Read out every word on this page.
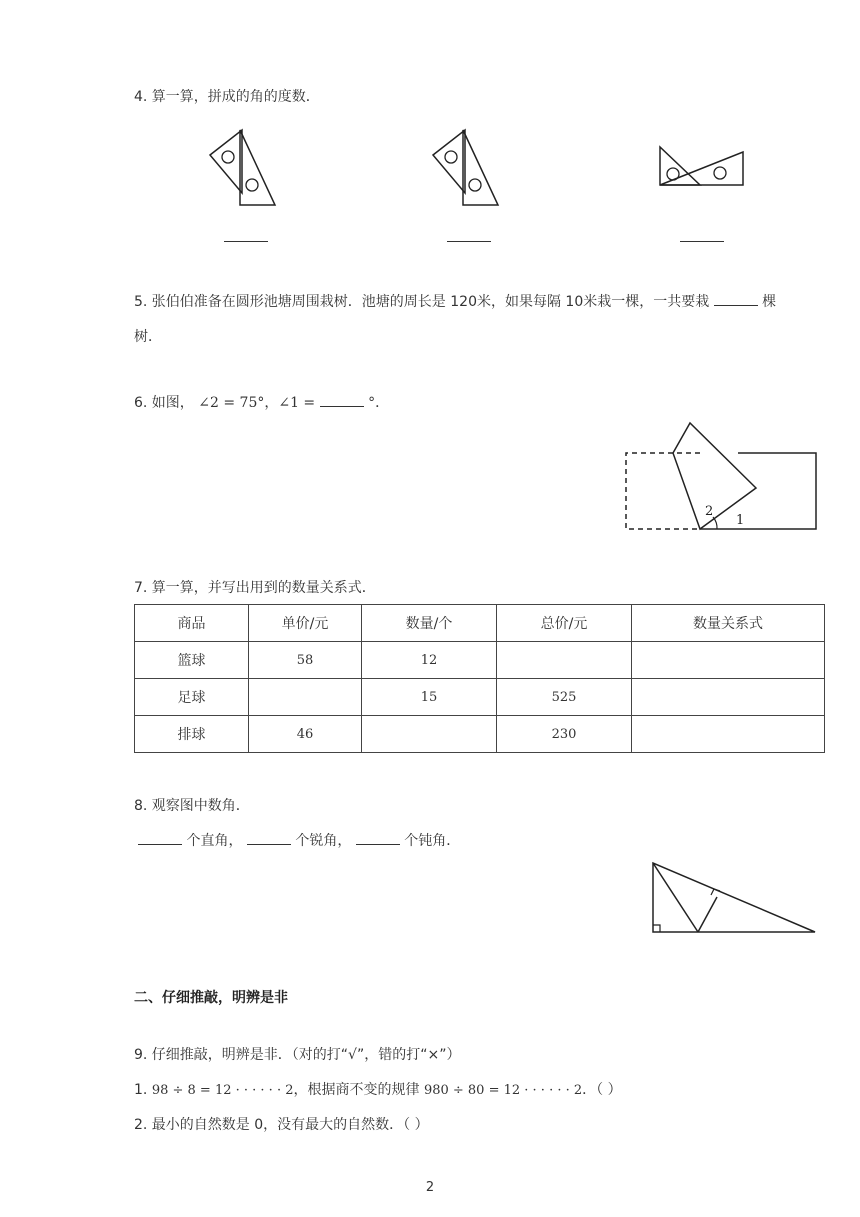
4. 算一算，拼成的角的度数．
5. 张伯伯准备在圆形池塘周围栽树．池塘的周长是 120米，如果每隔 10米栽一棵，一共要栽	棵
树．
6. 如图， ∠2 = 75°，∠1 =	°．
2
1
7. 算一算，并写出用到的数量关系式．
商品	单价/元	数量/个	总价/元	数量关系式
篮球	58	12		
足球		15	525	
排球	46		230	
8. 观察图中数角．
个直角，	个锐角，	个钝角．
二、仔细推敲，明辨是非
9. 仔细推敲，明辨是非．（对的打“√”，错的打“×”）
1. 98 ÷ 8 = 12 · · · · · · 2，根据商不变的规律 980 ÷ 80 = 12 · · · · · · 2．（ ）
2. 最小的自然数是 0，没有最大的自然数．（ ）
2
